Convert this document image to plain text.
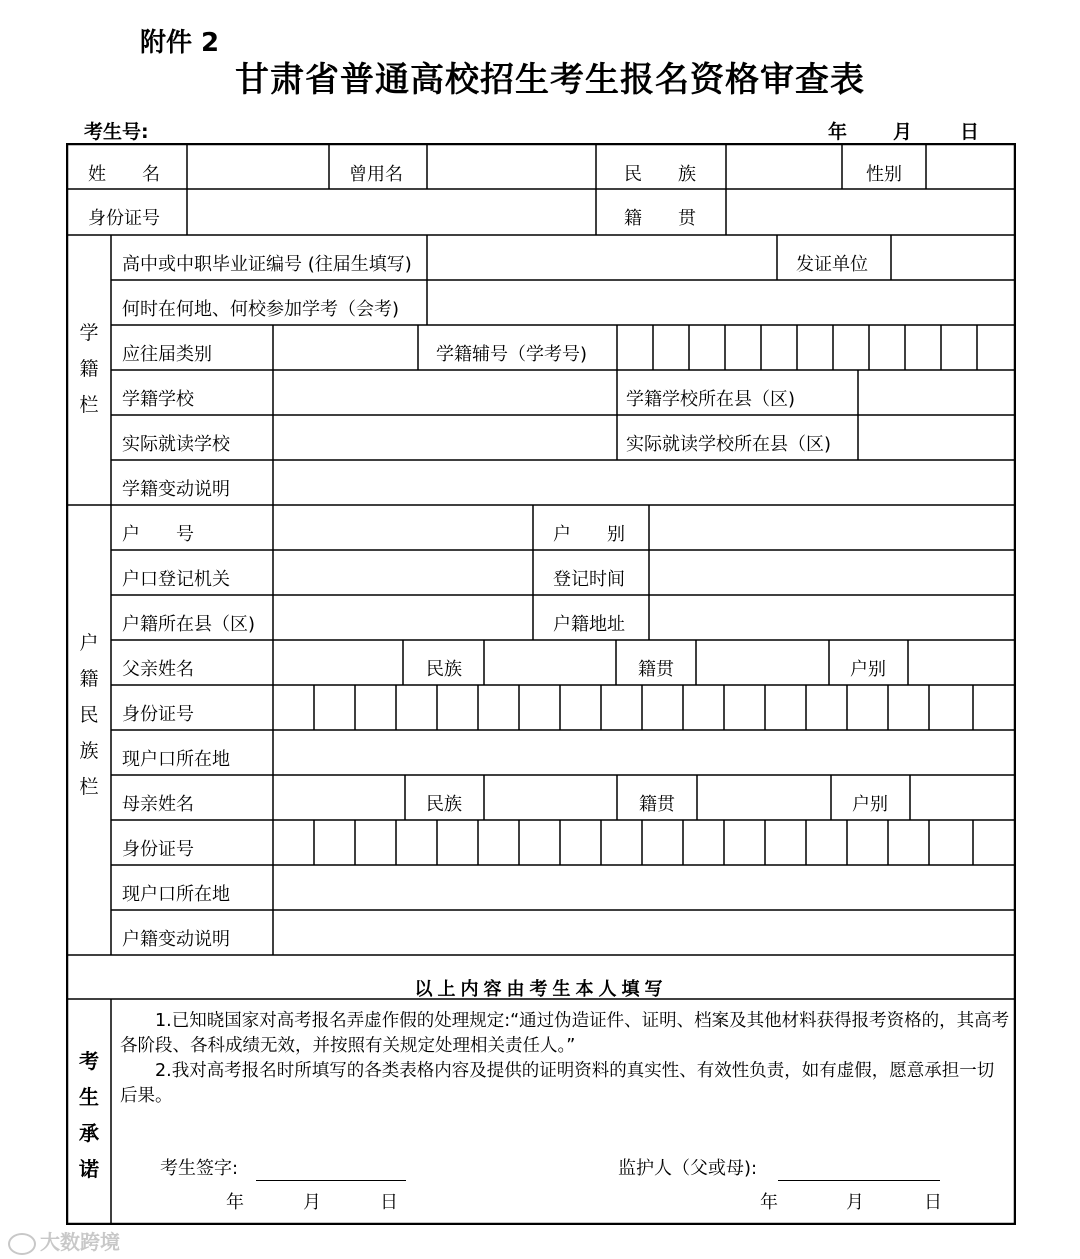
附件 2
甘肃省普通高校招生考生报名资格审查表
考生号:	年 月	日
姓　　名	曾用名	民　　族	性别
身份证号	籍　　贯
学
籍
栏
高中或中职毕业证编号 (往届生填写)	发证单位
何时在何地、何校参加学考（会考)
应往届类别	学籍辅号（学考号)
学籍学校	学籍学校所在县（区)
实际就读学校	实际就读学校所在县（区)
学籍变动说明
户
籍
民
族
栏
户　　号	户　　别
户口登记机关	登记时间
户籍所在县（区)	户籍地址
父亲姓名	民族	籍贯	户别
身份证号
现户口所在地
母亲姓名	民族	籍贯	户别
身份证号
现户口所在地
户籍变动说明
以上内容由考生本人填写
考
生
承
诺
1.已知晓国家对高考报名弄虚作假的处理规定:“通过伪造证件、证明、档案及其他材料获得报考资格的，其高考各阶段、各科成绩无效，并按照有关规定处理相关责任人。”
2.我对高考报名时所填写的各类表格内容及提供的证明资料的真实性、有效性负责，如有虚假，愿意承担一切后果。
考生签字:	监护人（父或母):
年	月	日	年	月	日
大数跨境
